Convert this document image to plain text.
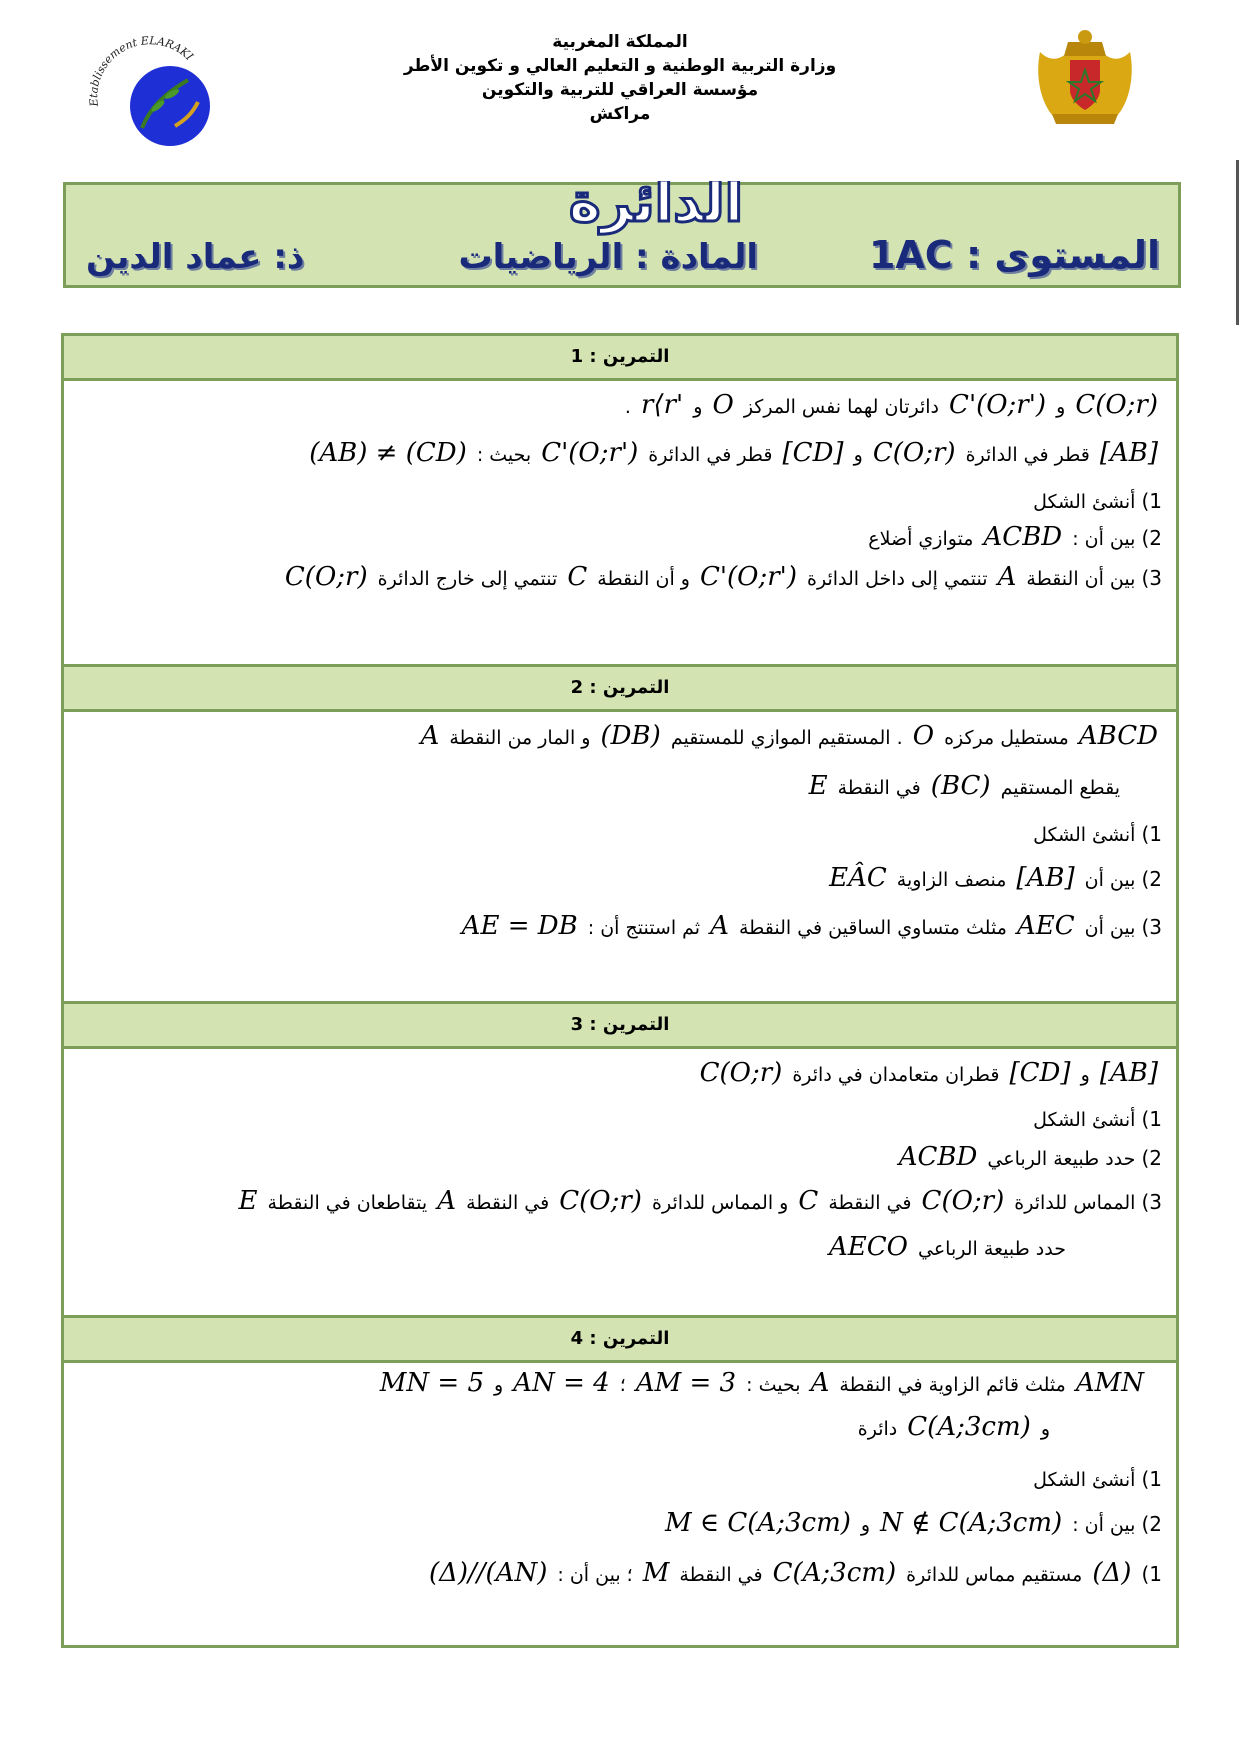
المملكة المغربية
وزارة التربية الوطنية و التعليم العالي و تكوين الأطر
مؤسسة العراقي للتربية والتكوين
مراكش
Etablissement ELARAKI
الدائرة
المستوى : 1AC
المادة : الرياضيات
ذ: عماد الدين
التمرين : 1
C(O;r) و C'(O;r') دائرتان لهما نفس المركز O و r⟨r' .
[AB] قطر في الدائرة C(O;r) و [CD] قطر في الدائرة C'(O;r') بحيث : (AB) ≠ (CD)
1) أنشئ الشكل
2) بين أن : ACBD متوازي أضلاع
3) بين أن النقطة A تنتمي إلى داخل الدائرة C'(O;r') و أن النقطة C تنتمي إلى خارج الدائرة C(O;r)
التمرين : 2
ABCD مستطيل مركزه O . المستقيم الموازي للمستقيم (DB) و المار من النقطة A
يقطع المستقيم (BC) في النقطة E
1) أنشئ الشكل
2) بين أن [AB] منصف الزاوية EÂC
3) بين أن AEC مثلث متساوي الساقين في النقطة A ثم استنتج أن : AE = DB
التمرين : 3
[AB] و [CD] قطران متعامدان في دائرة C(O;r)
1) أنشئ الشكل
2) حدد طبيعة الرباعي ACBD
3) المماس للدائرة C(O;r) في النقطة C و المماس للدائرة C(O;r) في النقطة A يتقاطعان في النقطة E
حدد طبيعة الرباعي AECO
التمرين : 4
AMN مثلث قائم الزاوية في النقطة A بحيث : AM = 3 ؛ AN = 4 و MN = 5
و C(A;3cm) دائرة
1) أنشئ الشكل
2) بين أن : N ∉ C(A;3cm) و M ∈ C(A;3cm)
1) (Δ) مستقيم مماس للدائرة C(A;3cm) في النقطة M ؛ بين أن : (Δ)//(AN)
